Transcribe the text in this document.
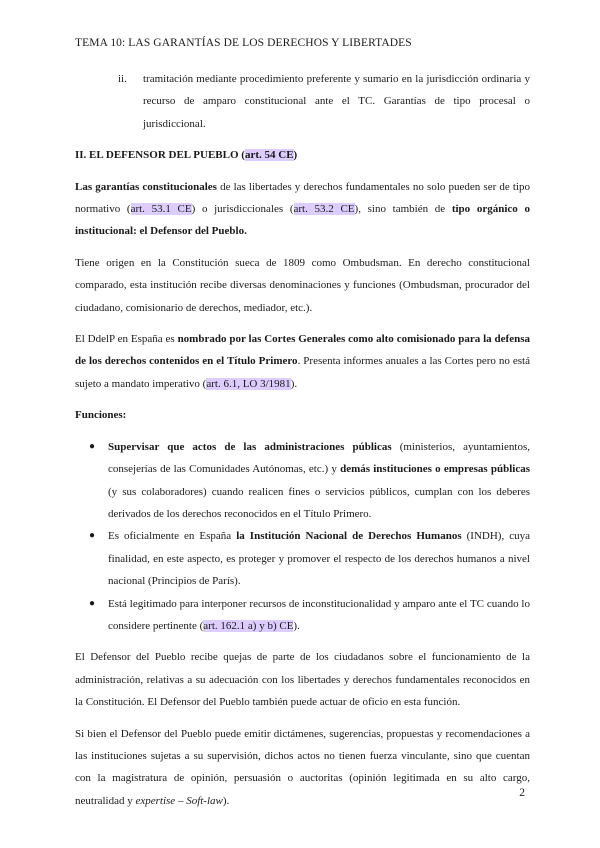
TEMA 10: LAS GARANTÍAS DE LOS DERECHOS Y LIBERTADES
ii. tramitación mediante procedimiento preferente y sumario en la jurisdicción ordinaria y recurso de amparo constitucional ante el TC. Garantías de tipo procesal o jurisdiccional.

II. EL DEFENSOR DEL PUEBLO (art. 54 CE)

Las garantías constitucionales de las libertades y derechos fundamentales no solo pueden ser de tipo normativo (art. 53.1 CE) o jurisdiccionales (art. 53.2 CE), sino también de tipo orgánico o institucional: el Defensor del Pueblo.

Tiene origen en la Constitución sueca de 1809 como Ombudsman. En derecho constitucional comparado, esta institución recibe diversas denominaciones y funciones (Ombudsman, procurador del ciudadano, comisionario de derechos, mediador, etc.).

El DdelP en España es nombrado por las Cortes Generales como alto comisionado para la defensa de los derechos contenidos en el Título Primero. Presenta informes anuales a las Cortes pero no está sujeto a mandato imperativo (art. 6.1, LO 3/1981).

Funciones:

● Supervisar que actos de las administraciones públicas (ministerios, ayuntamientos, consejerías de las Comunidades Autónomas, etc.) y demás instituciones o empresas públicas (y sus colaboradores) cuando realicen fines o servicios públicos, cumplan con los deberes derivados de los derechos reconocidos en el Título Primero.
● Es oficialmente en España la Institución Nacional de Derechos Humanos (INDH), cuya finalidad, en este aspecto, es proteger y promover el respecto de los derechos humanos a nivel nacional (Principios de París).
● Está legitimado para interponer recursos de inconstitucionalidad y amparo ante el TC cuando lo considere pertinente (art. 162.1 a) y b) CE).

El Defensor del Pueblo recibe quejas de parte de los ciudadanos sobre el funcionamiento de la administración, relativas a su adecuación con los libertades y derechos fundamentales reconocidos en la Constitución. El Defensor del Pueblo también puede actuar de oficio en esta función.

Si bien el Defensor del Pueblo puede emitir dictámenes, sugerencias, propuestas y recomendaciones a las instituciones sujetas a su supervisión, dichos actos no tienen fuerza vinculante, sino que cuentan con la magistratura de opinión, persuasión o auctoritas (opinión legitimada en su alto cargo, neutralidad y expertise – Soft-law).

2
